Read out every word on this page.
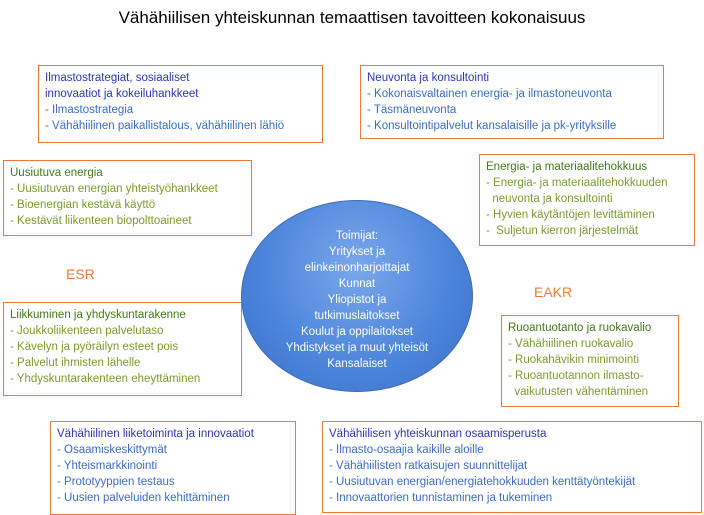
Vähähiilisen yhteiskunnan temaattisen tavoitteen kokonaisuus
Ilmastostrategiat, sosiaaliset
innovaatiot ja kokeiluhankkeet
- Ilmastostrategia
- Vähähiilinen paikallistalous, vähähiilinen lähiö
Neuvonta ja konsultointi
- Kokonaisvaltainen energia- ja ilmastoneuvonta
- Täsmäneuvonta
- Konsultointipalvelut kansalaisille ja pk-yrityksille
Uusiutuva energia
- Uusiutuvan energian yhteistyöhankkeet
- Bioenergian kestävä käyttö
- Kestävät liikenteen biopolttoaineet
Energia- ja materiaalitehokkuus
- Energia- ja materiaalitehokkuuden
neuvonta ja konsultointi
- Hyvien käytäntöjen levittäminen
-  Suljetun kierron järjestelmät
ESR
EAKR
Liikkuminen ja yhdyskuntarakenne
- Joukkoliikenteen palvelutaso
- Kävelyn ja pyöräilyn esteet pois
- Palvelut ihmisten lähelle
- Yhdyskuntarakenteen eheyttäminen
Ruoantuotanto ja ruokavalio
- Vähähiilinen ruokavalio
- Ruokahävikin minimointi
- Ruoantuotannon ilmasto-
vaikutusten vähentäminen
Toimijat:
Yritykset ja
elinkeinonharjoittajat
Kunnat
Yliopistot ja
tutkimuslaitokset
Koulut ja oppilaitokset
Yhdistykset ja muut yhteisöt
Kansalaiset
Vähähiilinen liiketoiminta ja innovaatiot
- Osaamiskeskittymät
- Yhteismarkkinointi
- Prototyyppien testaus
- Uusien palveluiden kehittäminen
Vähähiilisen yhteiskunnan osaamisperusta
- Ilmasto-osaajia kaikille aloille
- Vähähiilisten ratkaisujen suunnittelijat
- Uusiutuvan energian/energiatehokkuuden kenttätyöntekijät
- Innovaattorien tunnistaminen ja tukeminen
